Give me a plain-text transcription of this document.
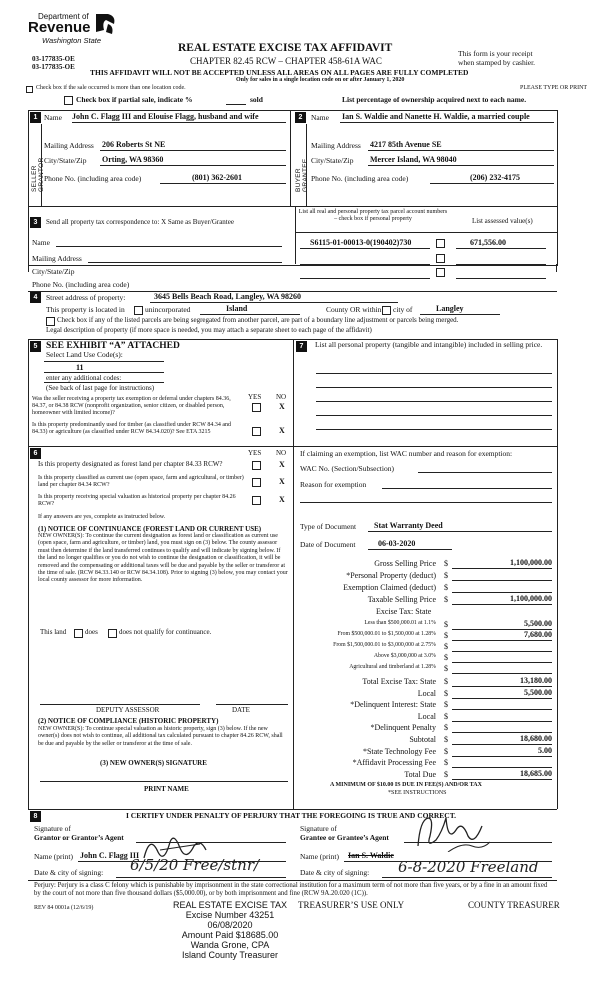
Department of
Revenue
Washington State
03-177835-OE
03-177835-OE
REAL ESTATE EXCISE TAX AFFIDAVIT
CHAPTER 82.45 RCW – CHAPTER 458-61A WAC
THIS AFFIDAVIT WILL NOT BE ACCEPTED UNLESS ALL AREAS ON ALL PAGES ARE FULLY COMPLETED
Only for sales in a single location code on or after January 1, 2020
This form is your receipt
when stamped by cashier.
PLEASE TYPE OR PRINT
Check box if the sale occurred is more than one location code.
Check box if partial sale, indicate %	sold	List percentage of ownership acquired next to each name.
1 Name John C. Flagg III and Elouise Flagg, husband and wife
SELLER GRANTOR
Mailing Address 206 Roberts St NE
City/State/Zip Orting, WA 98360
Phone No. (including area code)	(801) 362-2601
2	Name Ian S. Waldie and Nanette H. Waldie, a married couple
BUYER GRANTEE
Mailing Address 4217 85th Avenue SE
City/State/Zip Mercer Island, WA 98040
Phone No. (including area code)	(206) 232-4175
3	Send all property tax correspondence to: X Same as Buyer/Grantee
Name
Mailing Address
List all real and personal property tax parcel account numbers – check box if personal property	List assessed value(s)
S6115-01-00013-0(190402)730	671,556.00
City/State/Zip
Phone No. (including area code)
4	Street address of property:	3645 Bells Beach Road, Langley, WA 98260
This property is located in	unincorporated	Island	County OR within city of	Langley
Check box if any of the listed parcels are being segregated from another parcel, are part of a boundary line adjustment or parcels being merged.
Legal description of property (if more space is needed, you may attach a separate sheet to each page of the affidavit)
SEE EXHIBIT “A” ATTACHED
5
Select Land Use Code(s):
11
enter any additional codes:
(See back of last page for instructions)
YES NO
Was the seller receiving a property tax exemption or deferral under chapters 84.36, 84.37, or 84.38 RCW (nonprofit organization, senior citizen, or disabled person, homeowner with limited income)?
X
Is this property predominantly used for timber (as classified under RCW 84.34 and 84.33) or agriculture (as classified under RCW 84.34.020)? See ETA 3215	X
6	YES NO
Is this property designated as forest land per chapter 84.33 RCW?	X
Is this property classified as current use (open space, farm and agricultural, or timber) land per chapter 84.34 RCW?	X
Is this property receiving special valuation as historical property per chapter 84.26 RCW?	X
If any answers are yes, complete as instructed below.
(1) NOTICE OF CONTINUANCE (FOREST LAND OR CURRENT USE)
NEW OWNER(S): To continue the current designation as forest land or classification as current use (open space, farm and agriculture, or timber) land, you must sign on (3) below. The county assessor must then determine if the land transferred continues to qualify and will indicate by signing below. If the land no longer qualifies or you do not wish to continue the designation or classification, it will be removed and the compensating or additional taxes will be due and payable by the seller or transferor at the time of sale. (RCW 84.33.140 or RCW 84.34.108). Prior to signing (3) below, you may contact your local county assessor for more information.
This land	does	does not qualify for continuance.
DEPUTY ASSESSOR	DATE
(2) NOTICE OF COMPLIANCE (HISTORIC PROPERTY)
NEW OWNER(S): To continue special valuation as historic property, sign (3) below. If the new owner(s) does not wish to continue, all additional tax calculated pursuant to chapter 84.26 RCW, shall be due and payable by the seller or transferor at the time of sale.
(3) NEW OWNER(S) SIGNATURE
PRINT NAME
7	List all personal property (tangible and intangible) included in selling price.
If claiming an exemption, list WAC number and reason for exemption:
WAC No. (Section/Subsection)
Reason for exemption
Type of Document Stat Warranty Deed
Date of Document	06-03-2020
Gross Selling Price $	1,100,000.00
*Personal Property (deduct) $
Exemption Claimed (deduct) $
Taxable Selling Price $	1,100,000.00
Excise Tax: State
Less than $500,000.01 at 1.1% $	5,500.00
From $500,000.01 to $1,500,000 at 1.28% $	7,680.00
From $1,500,000.01 to $3,000,000 at 2.75% $
Above $3,000,000 at 3.0% $
Agricultural and timberland at 1.28% $
Total Excise Tax: State $	13,180.00
Local $	5,500.00
*Delinquent Interest: State $
Local $
*Delinquent Penalty $
Subtotal $	18,680.00
*State Technology Fee $	5.00
*Affidavit Processing Fee $
Total Due $	18,685.00
A MINIMUM OF $10.00 IS DUE IN FEE(S) AND/OR TAX
*SEE INSTRUCTIONS
8	I CERTIFY UNDER PENALTY OF PERJURY THAT THE FOREGOING IS TRUE AND CORRECT.
Signature of
Grantor or Grantor’s Agent
Signature of
Grantee or Grantee’s Agent
Name (print) John C. Flagg III	Name (print) Ian S. Waldie
Date & city of signing:	Date & city of signing:
6/5/20 Free/stnr/	6-8-2020 Freeland
Perjury: Perjury is a class C felony which is punishable by imprisonment in the state correctional institution for a maximum term of not more than five years, or by a fine in an amount fixed by the court of not more than five thousand dollars ($5,000.00), or by both imprisonment and fine (RCW 9A.20.020 (1C)).
REV 84 0001a (12/6/19)	TREASURER’S USE ONLY	COUNTY TREASURER
REAL ESTATE EXCISE TAX
Excise Number 43251
06/08/2020
Amount Paid $18685.00
Wanda Grone, CPA
Island County Treasurer
